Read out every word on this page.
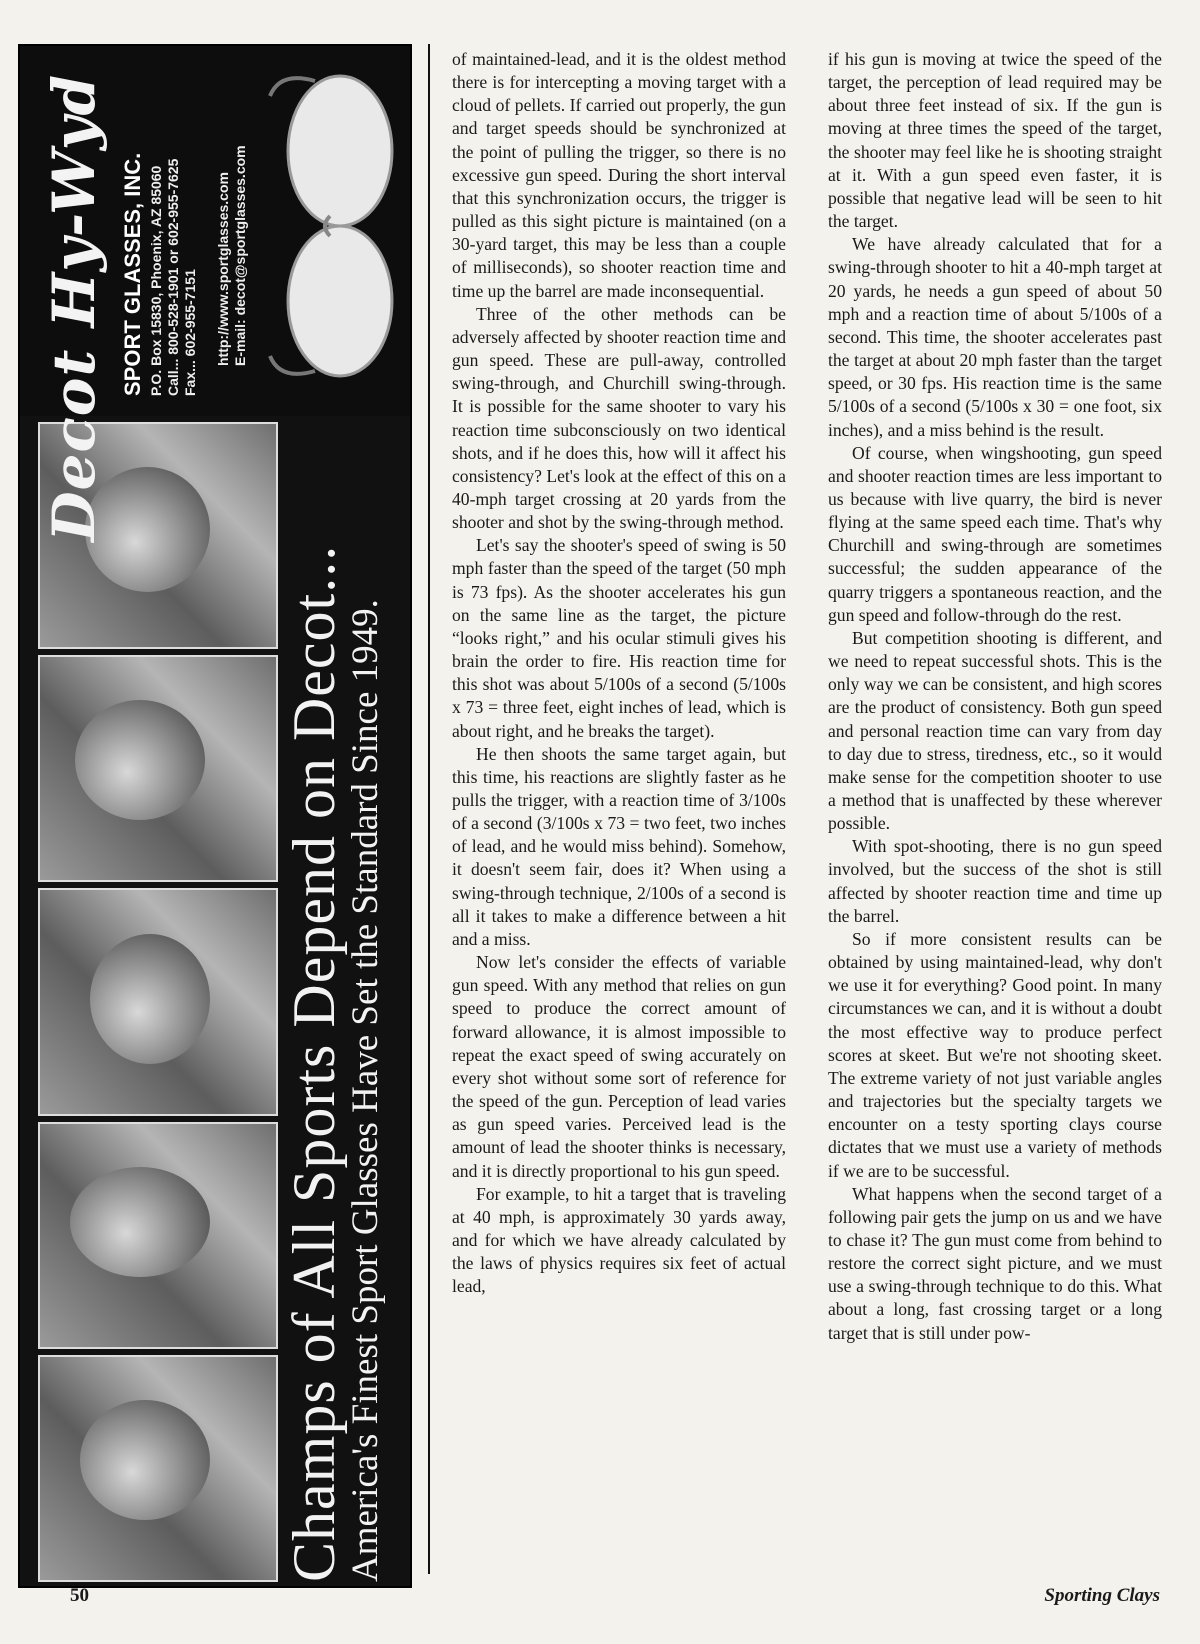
Decot Hy-Wyd SPORT GLASSES, INC. P.O. Box 15830, Phoenix, AZ 85060 Call... 800-528-1901 or 602-955-7625 Fax... 602-955-7151 http://www.sportglasses.com E-mail: decot@sportglasses.com
Champs of All Sports Depend on Decot...
America's Finest Sport Glasses Have Set the Standard Since 1949.

of maintained-lead, and it is the oldest method there is for intercepting a moving target with a cloud of pellets. If carried out properly, the gun and target speeds should be synchronized at the point of pulling the trigger, so there is no excessive gun speed. During the short interval that this synchronization occurs, the trigger is pulled as this sight picture is maintained (on a 30-yard target, this may be less than a couple of milliseconds), so shooter reaction time and time up the barrel are made inconsequential.

Three of the other methods can be adversely affected by shooter reaction time and gun speed. These are pull-away, controlled swing-through, and Churchill swing-through. It is possible for the same shooter to vary his reaction time subconsciously on two identical shots, and if he does this, how will it affect his consistency? Let's look at the effect of this on a 40-mph target crossing at 20 yards from the shooter and shot by the swing-through method.

Let's say the shooter's speed of swing is 50 mph faster than the speed of the target (50 mph is 73 fps). As the shooter accelerates his gun on the same line as the target, the picture “looks right,” and his ocular stimuli gives his brain the order to fire. His reaction time for this shot was about 5/100s of a second (5/100s x 73 = three feet, eight inches of lead, which is about right, and he breaks the target).

He then shoots the same target again, but this time, his reactions are slightly faster as he pulls the trigger, with a reaction time of 3/100s of a second (3/100s x 73 = two feet, two inches of lead, and he would miss behind). Somehow, it doesn't seem fair, does it? When using a swing-through technique, 2/100s of a second is all it takes to make a difference between a hit and a miss.

Now let's consider the effects of variable gun speed. With any method that relies on gun speed to produce the correct amount of forward allowance, it is almost impossible to repeat the exact speed of swing accurately on every shot without some sort of reference for the speed of the gun. Perception of lead varies as gun speed varies. Perceived lead is the amount of lead the shooter thinks is necessary, and it is directly proportional to his gun speed.

For example, to hit a target that is traveling at 40 mph, is approximately 30 yards away, and for which we have already calculated by the laws of physics requires six feet of actual lead,

if his gun is moving at twice the speed of the target, the perception of lead required may be about three feet instead of six. If the gun is moving at three times the speed of the target, the shooter may feel like he is shooting straight at it. With a gun speed even faster, it is possible that negative lead will be seen to hit the target.

We have already calculated that for a swing-through shooter to hit a 40-mph target at 20 yards, he needs a gun speed of about 50 mph and a reaction time of about 5/100s of a second. This time, the shooter accelerates past the target at about 20 mph faster than the target speed, or 30 fps. His reaction time is the same 5/100s of a second (5/100s x 30 = one foot, six inches), and a miss behind is the result.

Of course, when wingshooting, gun speed and shooter reaction times are less important to us because with live quarry, the bird is never flying at the same speed each time. That's why Churchill and swing-through are sometimes successful; the sudden appearance of the quarry triggers a spontaneous reaction, and the gun speed and follow-through do the rest.

But competition shooting is different, and we need to repeat successful shots. This is the only way we can be consistent, and high scores are the product of consistency. Both gun speed and personal reaction time can vary from day to day due to stress, tiredness, etc., so it would make sense for the competition shooter to use a method that is unaffected by these wherever possible.

With spot-shooting, there is no gun speed involved, but the success of the shot is still affected by shooter reaction time and time up the barrel.

So if more consistent results can be obtained by using maintained-lead, why don't we use it for everything? Good point. In many circumstances we can, and it is without a doubt the most effective way to produce perfect scores at skeet. But we're not shooting skeet. The extreme variety of not just variable angles and trajectories but the specialty targets we encounter on a testy sporting clays course dictates that we must use a variety of methods if we are to be successful.

What happens when the second target of a following pair gets the jump on us and we have to chase it? The gun must come from behind to restore the correct sight picture, and we must use a swing-through technique to do this. What about a long, fast crossing target or a long target that is still under pow-

50	Sporting Clays
